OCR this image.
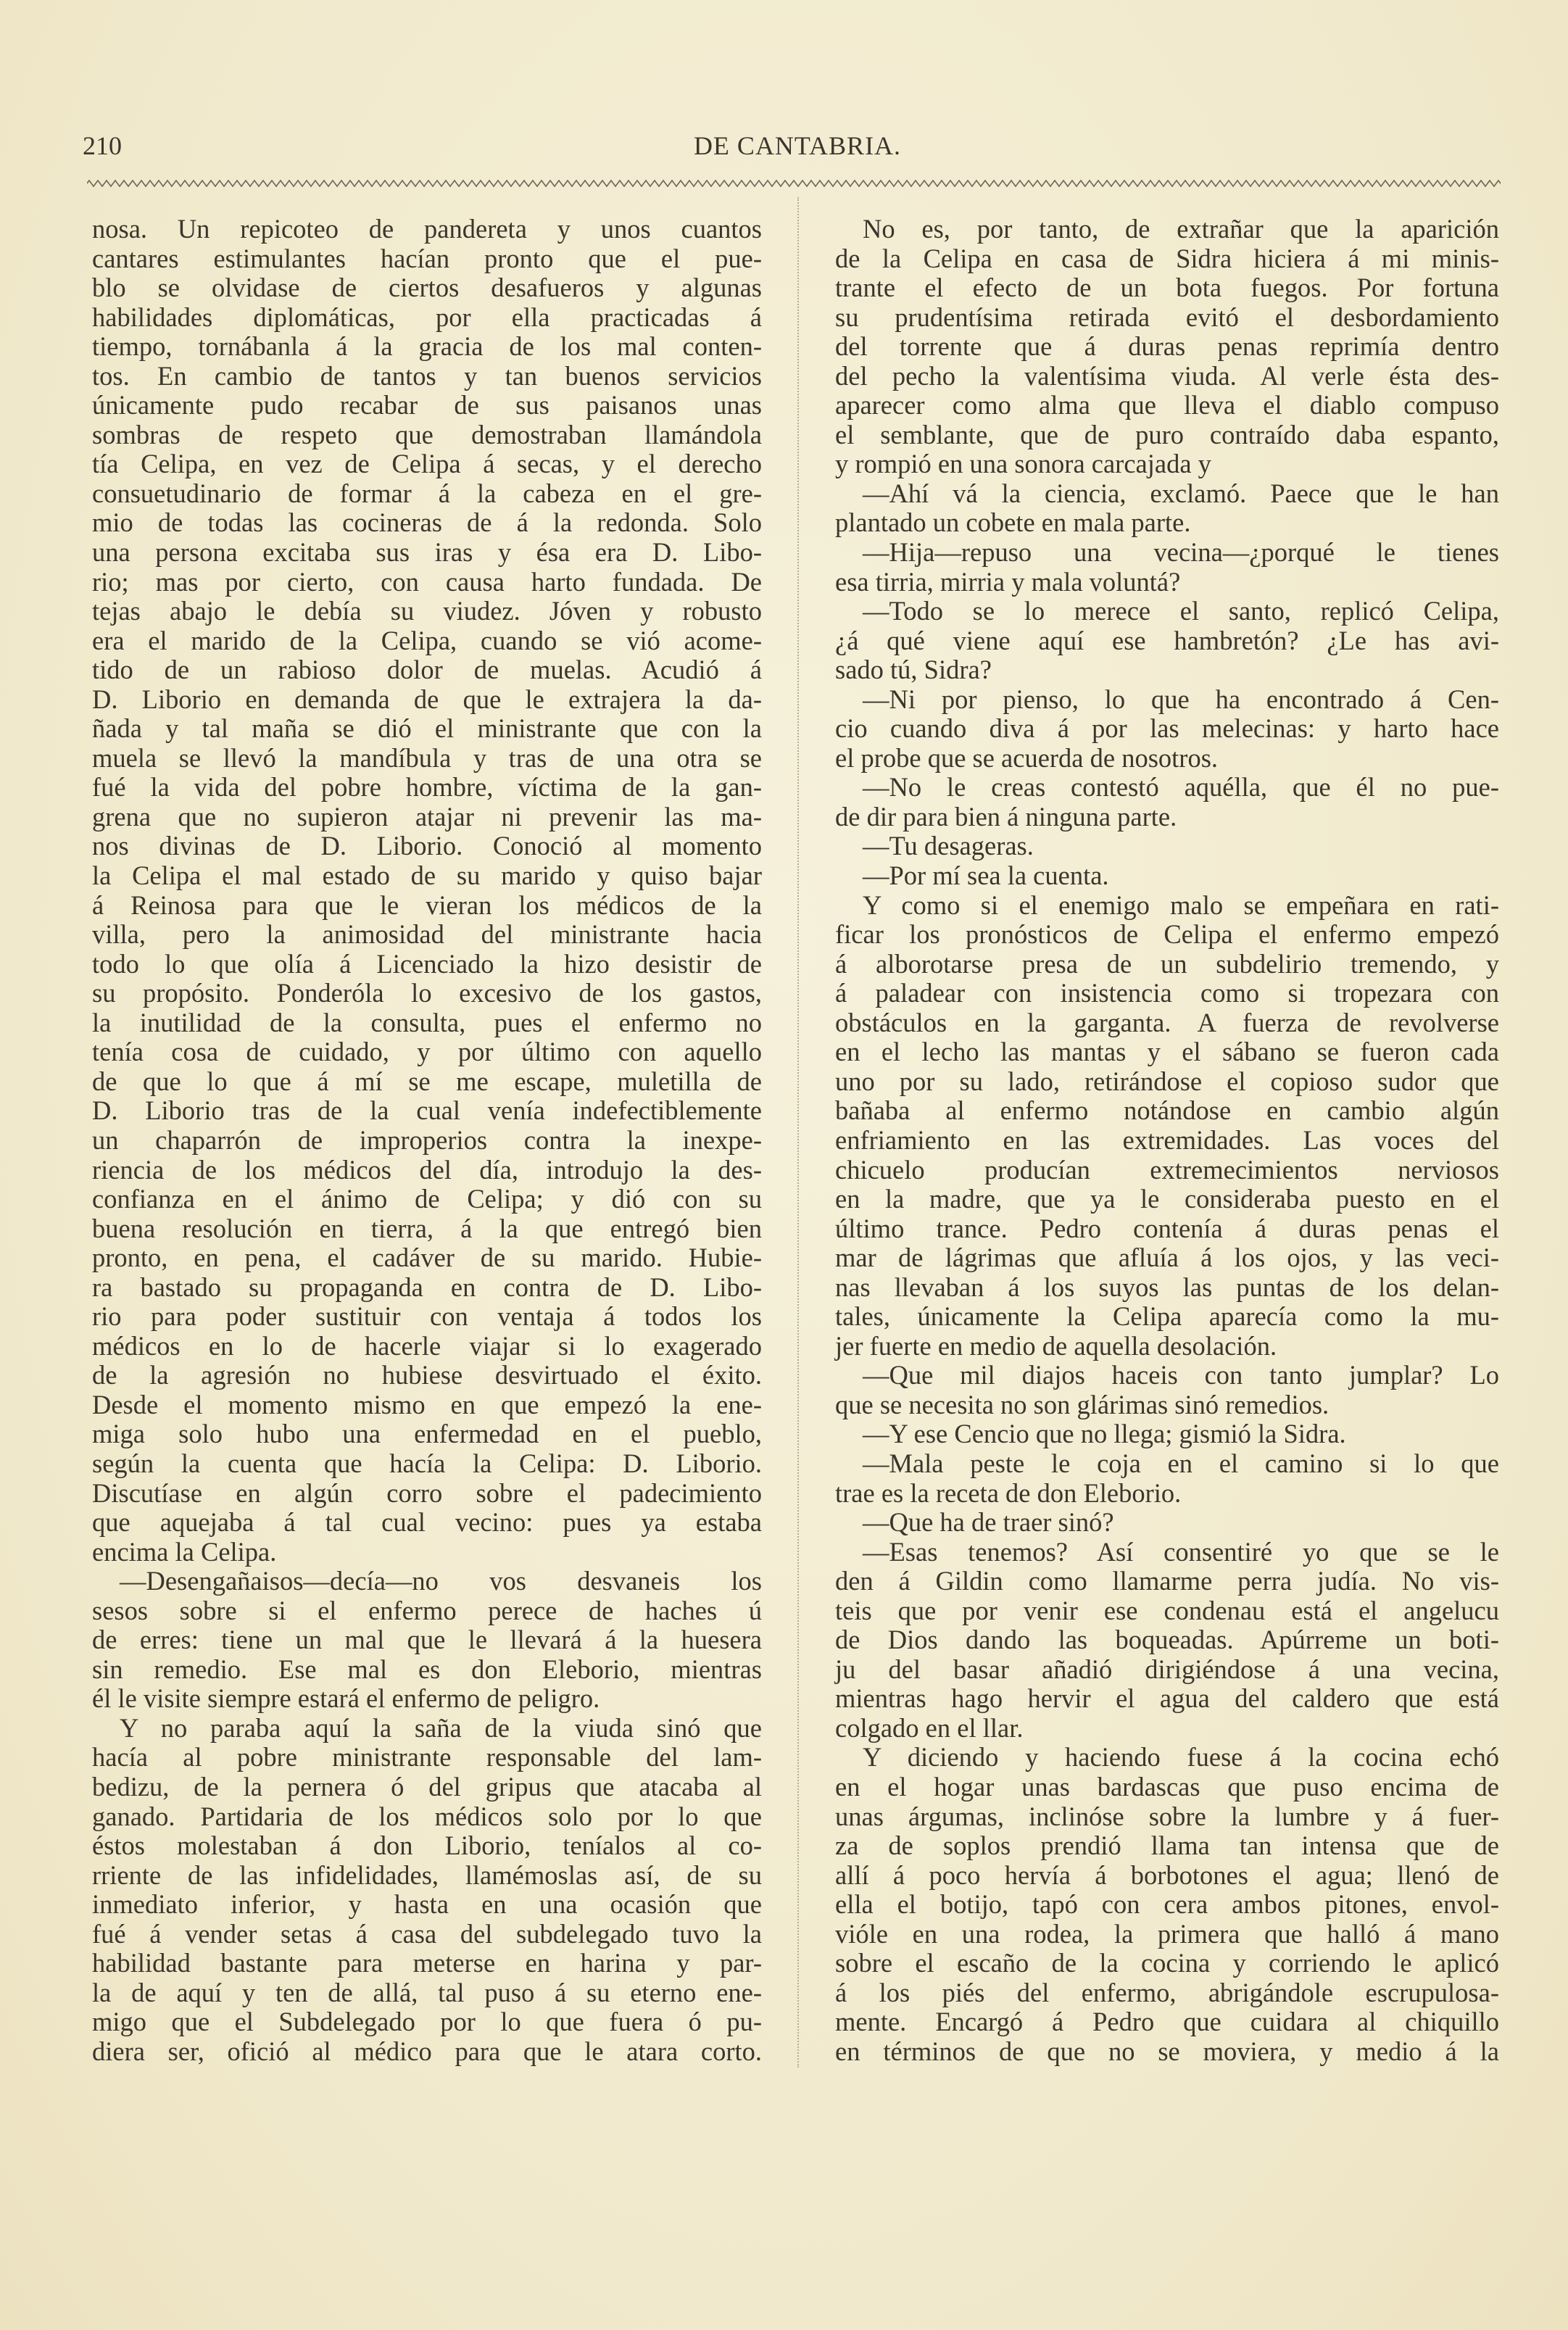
210	DE CANTABRIA.
nosa. Un repicoteo de pandereta y unos cuantos
cantares estimulantes hacían pronto que el pue-
blo se olvidase de ciertos desafueros y algunas
habilidades diplomáticas, por ella practicadas á
tiempo, tornábanla á la gracia de los mal conten-
tos. En cambio de tantos y tan buenos servicios
únicamente pudo recabar de sus paisanos unas
sombras de respeto que demostraban llamándola
tía Celipa, en vez de Celipa á secas, y el derecho
consuetudinario de formar á la cabeza en el gre-
mio de todas las cocineras de á la redonda. Solo
una persona excitaba sus iras y ésa era D. Libo-
rio; mas por cierto, con causa harto fundada. De
tejas abajo le debía su viudez. Jóven y robusto
era el marido de la Celipa, cuando se vió acome-
tido de un rabioso dolor de muelas. Acudió á
D. Liborio en demanda de que le extrajera la da-
ñada y tal maña se dió el ministrante que con la
muela se llevó la mandíbula y tras de una otra se
fué la vida del pobre hombre, víctima de la gan-
grena que no supieron atajar ni prevenir las ma-
nos divinas de D. Liborio. Conoció al momento
la Celipa el mal estado de su marido y quiso bajar
á Reinosa para que le vieran los médicos de la
villa, pero la animosidad del ministrante hacia
todo lo que olía á Licenciado la hizo desistir de
su propósito. Ponderóla lo excesivo de los gastos,
la inutilidad de la consulta, pues el enfermo no
tenía cosa de cuidado, y por último con aquello
de que lo que á mí se me escape, muletilla de
D. Liborio tras de la cual venía indefectiblemente
un chaparrón de improperios contra la inexpe-
riencia de los médicos del día, introdujo la des-
confianza en el ánimo de Celipa; y dió con su
buena resolución en tierra, á la que entregó bien
pronto, en pena, el cadáver de su marido. Hubie-
ra bastado su propaganda en contra de D. Libo-
rio para poder sustituir con ventaja á todos los
médicos en lo de hacerle viajar si lo exagerado
de la agresión no hubiese desvirtuado el éxito.
Desde el momento mismo en que empezó la ene-
miga solo hubo una enfermedad en el pueblo,
según la cuenta que hacía la Celipa: D. Liborio.
Discutíase en algún corro sobre el padecimiento
que aquejaba á tal cual vecino: pues ya estaba
encima la Celipa.
—Desengañaisos—decía—no vos desvaneis los
sesos sobre si el enfermo perece de haches ú
de erres: tiene un mal que le llevará á la huesera
sin remedio. Ese mal es don Eleborio, mientras
él le visite siempre estará el enfermo de peligro.
Y no paraba aquí la saña de la viuda sinó que
hacía al pobre ministrante responsable del lam-
bedizu, de la pernera ó del gripus que atacaba al
ganado. Partidaria de los médicos solo por lo que
éstos molestaban á don Liborio, teníalos al co-
rriente de las infidelidades, llamémoslas así, de su
inmediato inferior, y hasta en una ocasión que
fué á vender setas á casa del subdelegado tuvo la
habilidad bastante para meterse en harina y par-
la de aquí y ten de allá, tal puso á su eterno ene-
migo que el Subdelegado por lo que fuera ó pu-
diera ser, ofició al médico para que le atara corto.
No es, por tanto, de extrañar que la aparición
de la Celipa en casa de Sidra hiciera á mi minis-
trante el efecto de un bota fuegos. Por fortuna
su prudentísima retirada evitó el desbordamiento
del torrente que á duras penas reprimía dentro
del pecho la valentísima viuda. Al verle ésta des-
aparecer como alma que lleva el diablo compuso
el semblante, que de puro contraído daba espanto,
y rompió en una sonora carcajada y
—Ahí vá la ciencia, exclamó. Paece que le han
plantado un cobete en mala parte.
—Hija—repuso una vecina—¿porqué le tienes
esa tirria, mirria y mala voluntá?
—Todo se lo merece el santo, replicó Celipa,
¿á qué viene aquí ese hambretón? ¿Le has avi-
sado tú, Sidra?
—Ni por pienso, lo que ha encontrado á Cen-
cio cuando diva á por las melecinas: y harto hace
el probe que se acuerda de nosotros.
—No le creas contestó aquélla, que él no pue-
de dir para bien á ninguna parte.
—Tu desageras.
—Por mí sea la cuenta.
Y como si el enemigo malo se empeñara en rati-
ficar los pronósticos de Celipa el enfermo empezó
á alborotarse presa de un subdelirio tremendo, y
á paladear con insistencia como si tropezara con
obstáculos en la garganta. A fuerza de revolverse
en el lecho las mantas y el sábano se fueron cada
uno por su lado, retirándose el copioso sudor que
bañaba al enfermo notándose en cambio algún
enfriamiento en las extremidades. Las voces del
chicuelo producían extremecimientos nerviosos
en la madre, que ya le consideraba puesto en el
último trance. Pedro contenía á duras penas el
mar de lágrimas que afluía á los ojos, y las veci-
nas llevaban á los suyos las puntas de los delan-
tales, únicamente la Celipa aparecía como la mu-
jer fuerte en medio de aquella desolación.
—Que mil diajos haceis con tanto jumplar? Lo
que se necesita no son glárimas sinó remedios.
—Y ese Cencio que no llega; gismió la Sidra.
—Mala peste le coja en el camino si lo que
trae es la receta de don Eleborio.
—Que ha de traer sinó?
—Esas tenemos? Así consentiré yo que se le
den á Gildin como llamarme perra judía. No vis-
teis que por venir ese condenau está el angelucu
de Dios dando las boqueadas. Apúrreme un boti-
ju del basar añadió dirigiéndose á una vecina,
mientras hago hervir el agua del caldero que está
colgado en el llar.
Y diciendo y haciendo fuese á la cocina echó
en el hogar unas bardascas que puso encima de
unas árgumas, inclinóse sobre la lumbre y á fuer-
za de soplos prendió llama tan intensa que de
allí á poco hervía á borbotones el agua; llenó de
ella el botijo, tapó con cera ambos pitones, envol-
vióle en una rodea, la primera que halló á mano
sobre el escaño de la cocina y corriendo le aplicó
á los piés del enfermo, abrigándole escrupulosa-
mente. Encargó á Pedro que cuidara al chiquillo
en términos de que no se moviera, y medio á la
